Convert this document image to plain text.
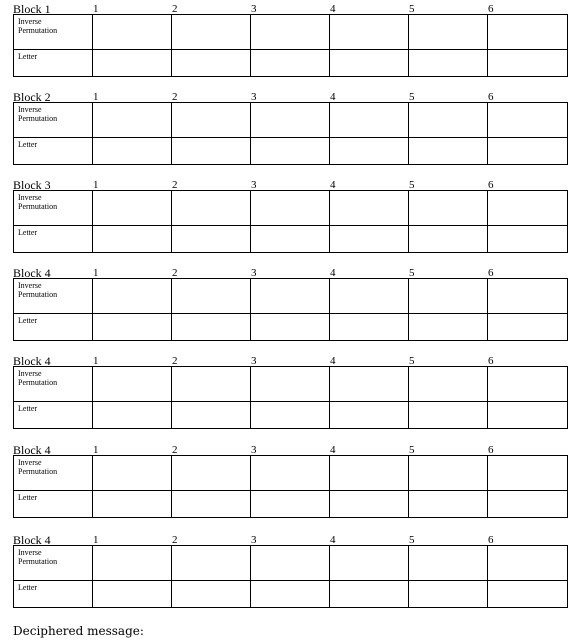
Block 1	1	2	3	4	5	6
Inverse
Permutation						
Letter						
Block 2	1	2	3	4	5	6
Inverse
Permutation						
Letter						
Block 3	1	2	3	4	5	6
Inverse
Permutation						
Letter						
Block 4	1	2	3	4	5	6
Inverse
Permutation						
Letter						
Block 4	1	2	3	4	5	6
Inverse
Permutation						
Letter						
Block 4	1	2	3	4	5	6
Inverse
Permutation						
Letter						
Block 4	1	2	3	4	5	6
Inverse
Permutation						
Letter						
Deciphered message:
